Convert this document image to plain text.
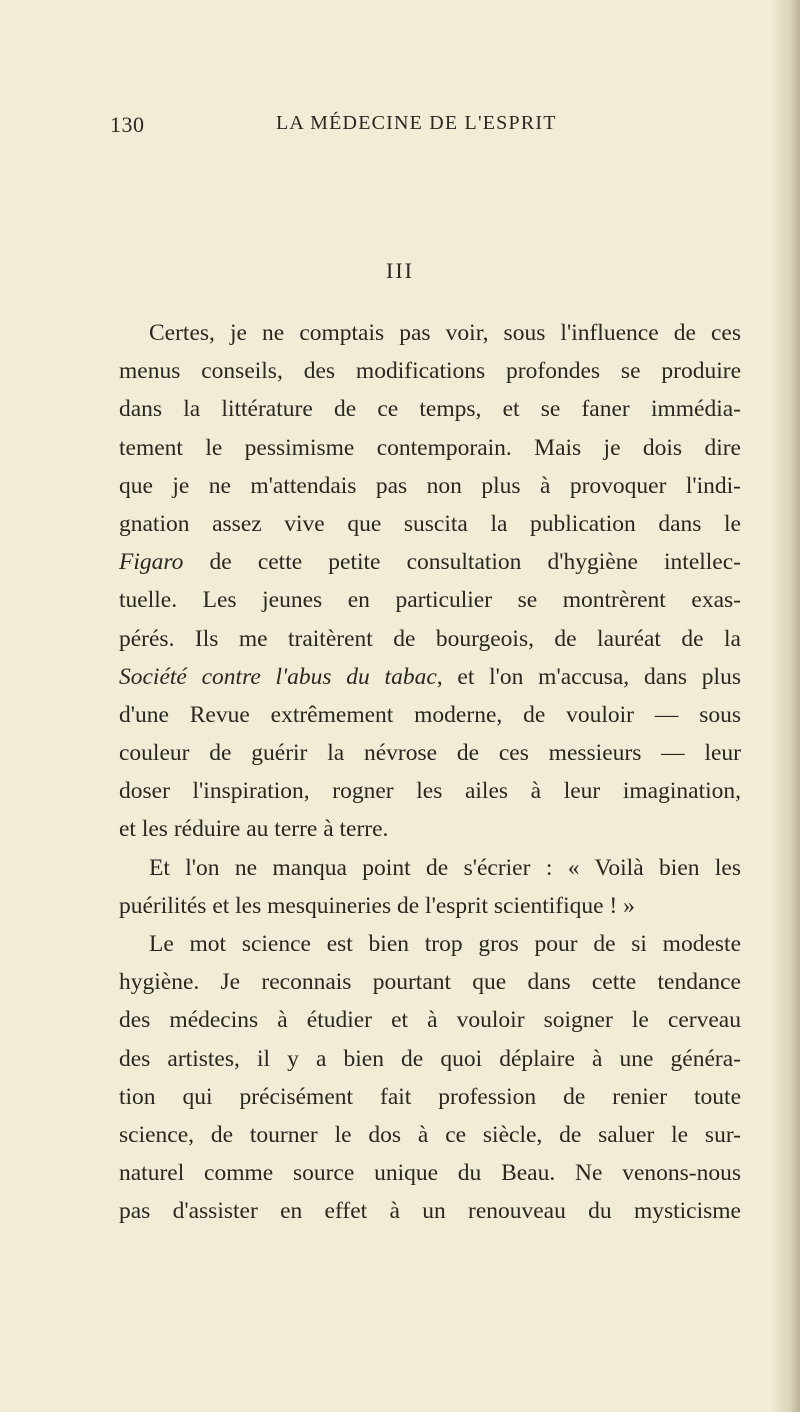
130	LA MÉDECINE DE L'ESPRIT
III
Certes, je ne comptais pas voir, sous l'influence de ces
menus conseils, des modifications profondes se produire
dans la littérature de ce temps, et se faner immédia-
tement le pessimisme contemporain. Mais je dois dire
que je ne m'attendais pas non plus à provoquer l'indi-
gnation assez vive que suscita la publication dans le
Figaro de cette petite consultation d'hygiène intellec-
tuelle. Les jeunes en particulier se montrèrent exas-
pérés. Ils me traitèrent de bourgeois, de lauréat de la
Société contre l'abus du tabac, et l'on m'accusa, dans plus
d'une Revue extrêmement moderne, de vouloir — sous
couleur de guérir la névrose de ces messieurs — leur
doser l'inspiration, rogner les ailes à leur imagination,
et les réduire au terre à terre.
Et l'on ne manqua point de s'écrier : « Voilà bien les
puérilités et les mesquineries de l'esprit scientifique ! »
Le mot science est bien trop gros pour de si modeste
hygiène. Je reconnais pourtant que dans cette tendance
des médecins à étudier et à vouloir soigner le cerveau
des artistes, il y a bien de quoi déplaire à une généra-
tion qui précisément fait profession de renier toute
science, de tourner le dos à ce siècle, de saluer le sur-
naturel comme source unique du Beau. Ne venons-nous
pas d'assister en effet à un renouveau du mysticisme
